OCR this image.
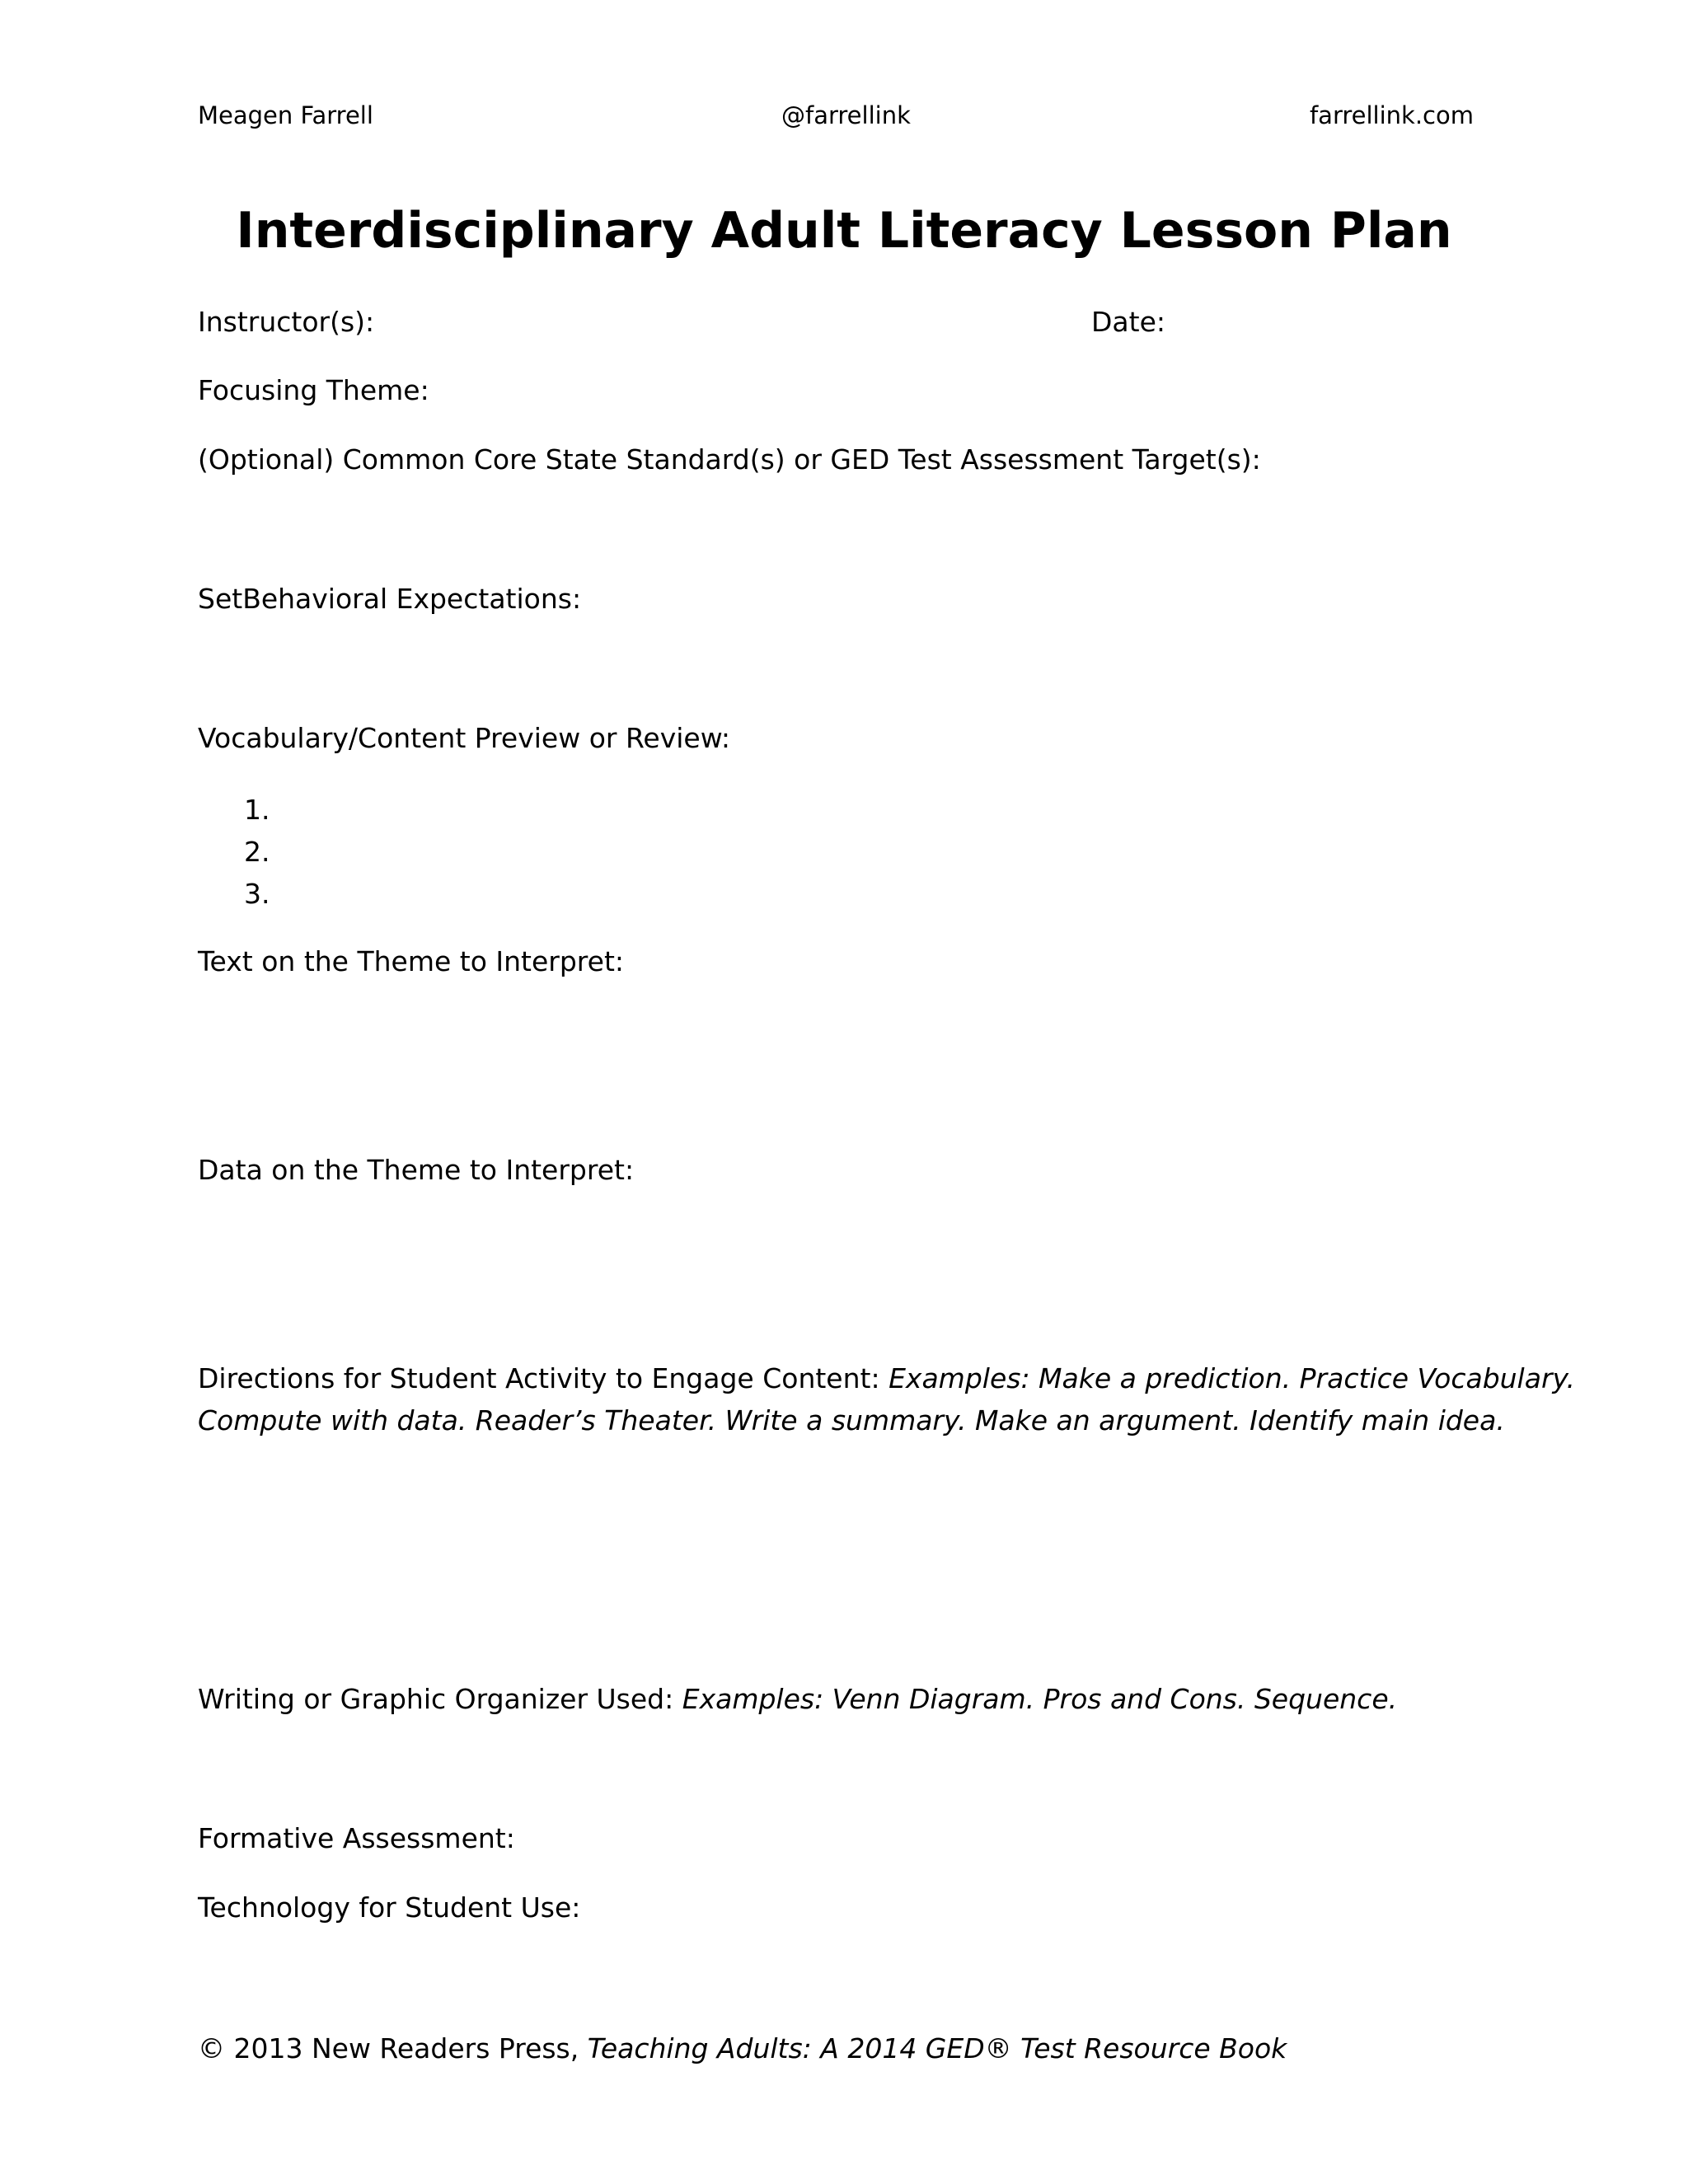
Meagen Farrell	@farrellink	farrellink.com
Interdisciplinary Adult Literacy Lesson Plan
Instructor(s):	Date:
Focusing Theme:
(Optional) Common Core State Standard(s) or GED Test Assessment Target(s):
SetBehavioral Expectations:
Vocabulary/Content Preview or Review:
1.
2.
3.
Text on the Theme to Interpret:
Data on the Theme to Interpret:
Directions for Student Activity to Engage Content: Examples: Make a prediction. Practice Vocabulary.
Compute with data. Reader’s Theater. Write a summary. Make an argument. Identify main idea.
Writing or Graphic Organizer Used: Examples: Venn Diagram. Pros and Cons. Sequence.
Formative Assessment:
Technology for Student Use:
© 2013 New Readers Press, Teaching Adults: A 2014 GED® Test Resource Book
